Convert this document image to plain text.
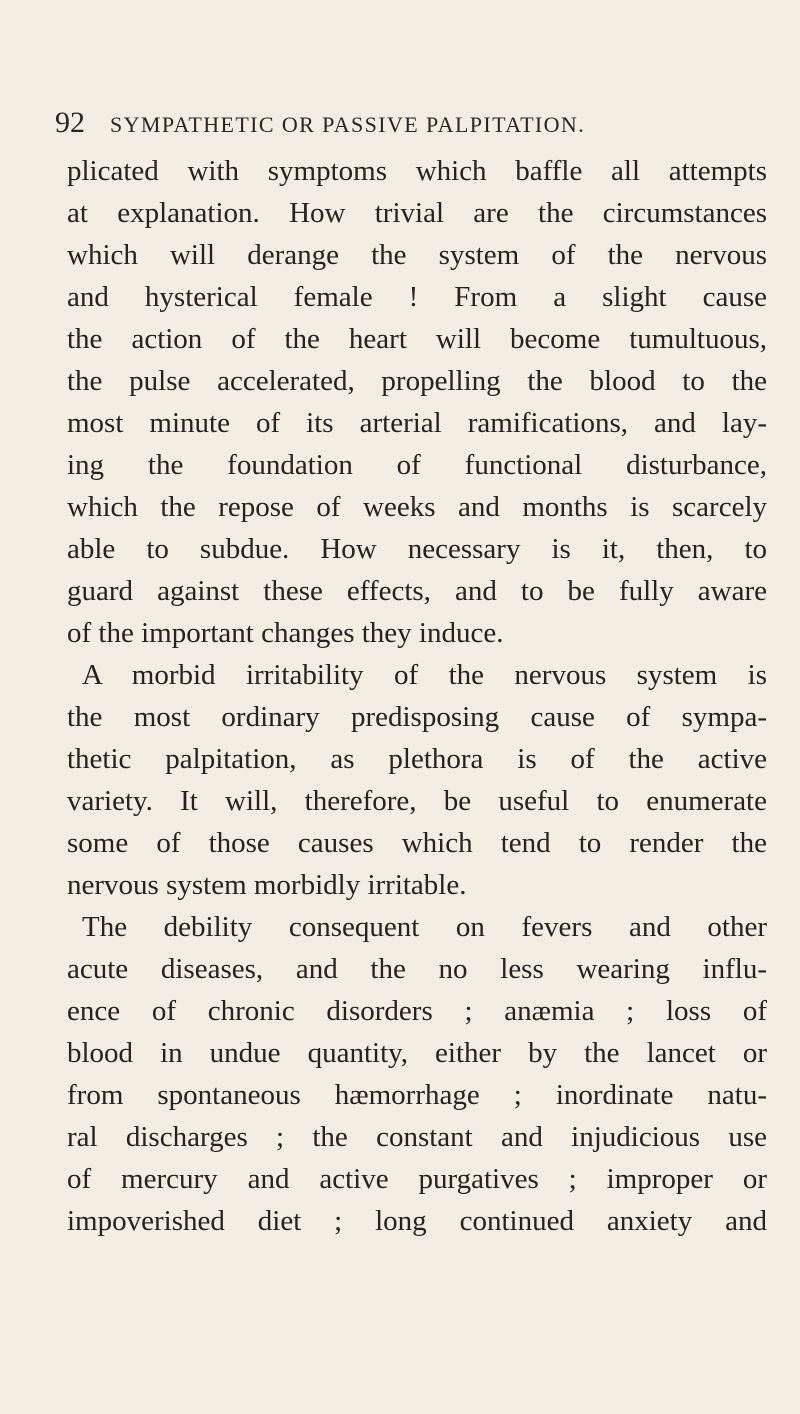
92 SYMPATHETIC OR PASSIVE PALPITATION.
plicated with symptoms which baffle all attempts
at explanation. How trivial are the circumstances
which will derange the system of the nervous
and hysterical female ! From a slight cause
the action of the heart will become tumultuous,
the pulse accelerated, propelling the blood to the
most minute of its arterial ramifications, and lay-
ing the foundation of functional disturbance,
which the repose of weeks and months is scarcely
able to subdue. How necessary is it, then, to
guard against these effects, and to be fully aware
of the important changes they induce.
A morbid irritability of the nervous system is
the most ordinary predisposing cause of sympa-
thetic palpitation, as plethora is of the active
variety. It will, therefore, be useful to enumerate
some of those causes which tend to render the
nervous system morbidly irritable.
The debility consequent on fevers and other
acute diseases, and the no less wearing influ-
ence of chronic disorders ; anæmia ; loss of
blood in undue quantity, either by the lancet or
from spontaneous hæmorrhage ; inordinate natu-
ral discharges ; the constant and injudicious use
of mercury and active purgatives ; improper or
impoverished diet ; long continued anxiety and
